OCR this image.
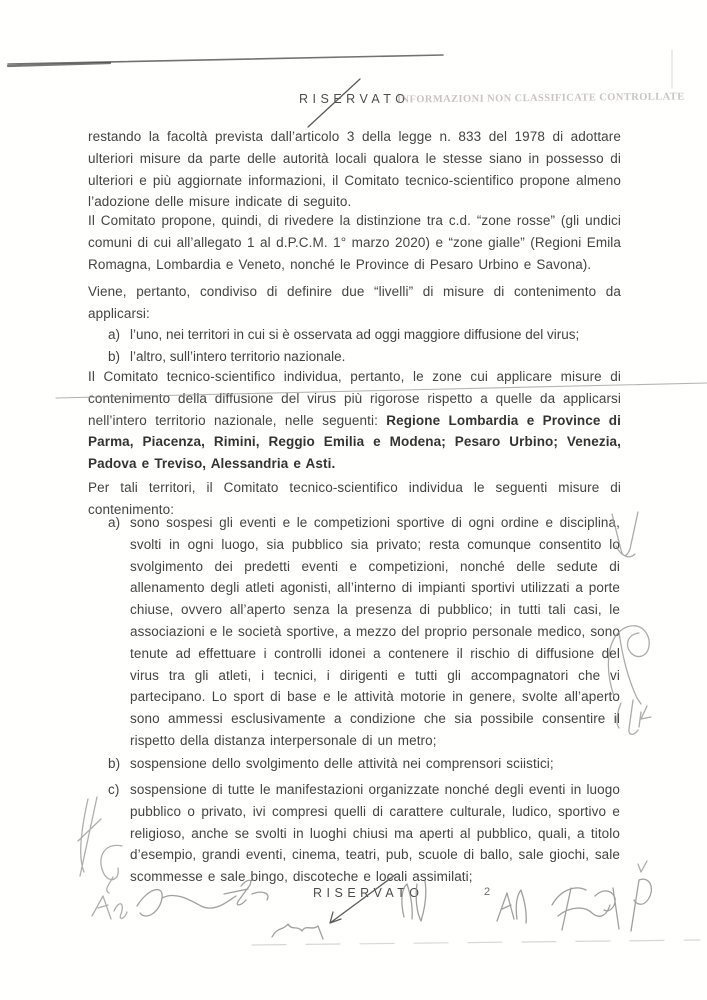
RISERVATO
INFORMAZIONI NON CLASSIFICATE CONTROLLATE
restando la facoltà prevista dall’articolo 3 della legge n. 833 del 1978 di adottare ulteriori misure da parte delle autorità locali qualora le stesse siano in possesso di ulteriori e più aggiornate informazioni, il Comitato tecnico-scientifico propone almeno l’adozione delle misure indicate di seguito.
Il Comitato propone, quindi, di rivedere la distinzione tra c.d. “zone rosse” (gli undici comuni di cui all’allegato 1 al d.P.C.M. 1° marzo 2020) e “zone gialle” (Regioni Emila Romagna, Lombardia e Veneto, nonché le Province di Pesaro Urbino e Savona).
Viene, pertanto, condiviso di definire due “livelli” di misure di contenimento da applicarsi:
a) l’uno, nei territori in cui si è osservata ad oggi maggiore diffusione del virus;
b) l’altro, sull’intero territorio nazionale.
Il Comitato tecnico-scientifico individua, pertanto, le zone cui applicare misure di contenimento della diffusione del virus più rigorose rispetto a quelle da applicarsi nell’intero territorio nazionale, nelle seguenti: Regione Lombardia e Province di Parma, Piacenza, Rimini, Reggio Emilia e Modena; Pesaro Urbino; Venezia, Padova e Treviso, Alessandria e Asti.
Per tali territori, il Comitato tecnico-scientifico individua le seguenti misure di contenimento:
a) sono sospesi gli eventi e le competizioni sportive di ogni ordine e disciplina, svolti in ogni luogo, sia pubblico sia privato; resta comunque consentito lo svolgimento dei predetti eventi e competizioni, nonché delle sedute di allenamento degli atleti agonisti, all’interno di impianti sportivi utilizzati a porte chiuse, ovvero all’aperto senza la presenza di pubblico; in tutti tali casi, le associazioni e le società sportive, a mezzo del proprio personale medico, sono tenute ad effettuare i controlli idonei a contenere il rischio di diffusione del virus tra gli atleti, i tecnici, i dirigenti e tutti gli accompagnatori che vi partecipano. Lo sport di base e le attività motorie in genere, svolte all’aperto sono ammessi esclusivamente a condizione che sia possibile consentire il rispetto della distanza interpersonale di un metro;
b) sospensione dello svolgimento delle attività nei comprensori sciistici;
c) sospensione di tutte le manifestazioni organizzate nonché degli eventi in luogo pubblico o privato, ivi compresi quelli di carattere culturale, ludico, sportivo e religioso, anche se svolti in luoghi chiusi ma aperti al pubblico, quali, a titolo d’esempio, grandi eventi, cinema, teatri, pub, scuole di ballo, sale giochi, sale scommesse e sale bingo, discoteche e locali assimilati;
RISERVATO	2
